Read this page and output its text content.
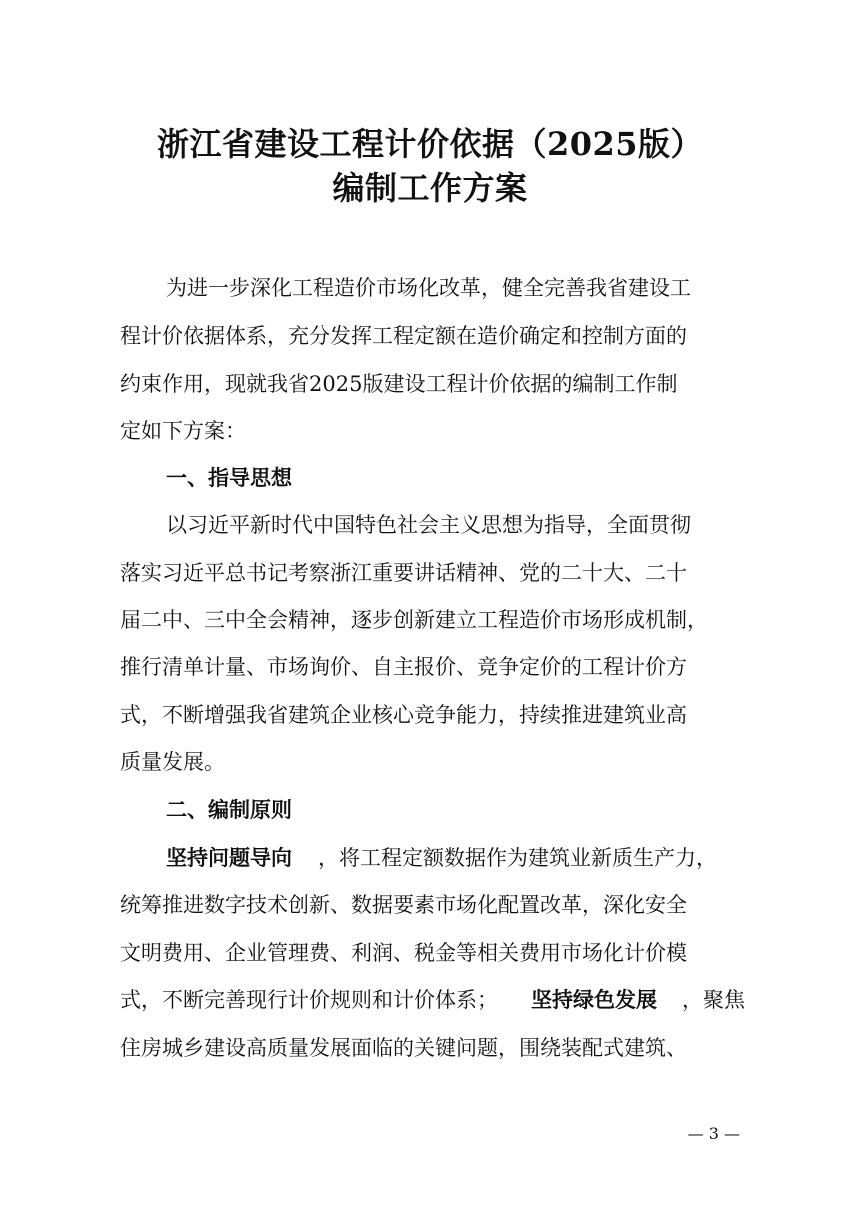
浙江省建设工程计价依据（2025版）
编制工作方案
为进一步深化工程造价市场化改革，健全完善我省建设工
程计价依据体系，充分发挥工程定额在造价确定和控制方面的
约束作用，现就我省2025版建设工程计价依据的编制工作制
定如下方案：
一、指导思想
以习近平新时代中国特色社会主义思想为指导，全面贯彻
落实习近平总书记考察浙江重要讲话精神、党的二十大、二十
届二中、三中全会精神，逐步创新建立工程造价市场形成机制，
推行清单计量、市场询价、自主报价、竞争定价的工程计价方
式，不断增强我省建筑企业核心竞争能力，持续推进建筑业高
质量发展。
二、编制原则
坚持问题导向 ，将工程定额数据作为建筑业新质生产力，
统筹推进数字技术创新、数据要素市场化配置改革，深化安全
文明费用、企业管理费、利润、税金等相关费用市场化计价模
式，不断完善现行计价规则和计价体系； 坚持绿色发展 ，聚焦
住房城乡建设高质量发展面临的关键问题，围绕装配式建筑、
— 3 —
